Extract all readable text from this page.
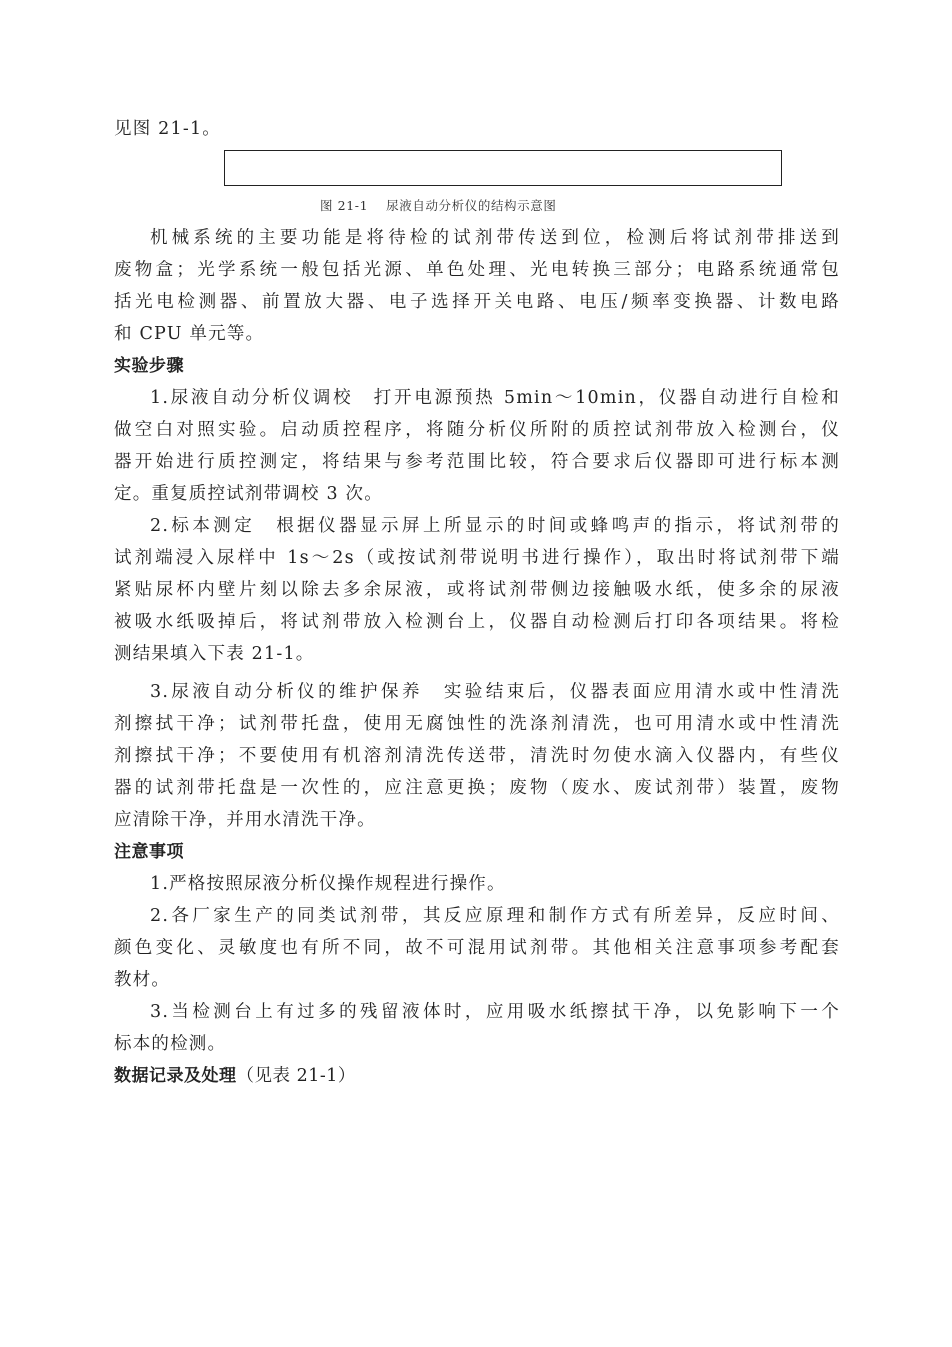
见图 21-1。
图 21-1 尿液自动分析仪的结构示意图
机械系统的主要功能是将待检的试剂带传送到位，检测后将试剂带排送到
废物盒；光学系统一般包括光源、单色处理、光电转换三部分；电路系统通常包
括光电检测器、前置放大器、电子选择开关电路、电压/频率变换器、计数电路
和 CPU 单元等。
实验步骤
1.尿液自动分析仪调校　打开电源预热 5min～10min，仪器自动进行自检和
做空白对照实验。启动质控程序，将随分析仪所附的质控试剂带放入检测台，仪
器开始进行质控测定，将结果与参考范围比较，符合要求后仪器即可进行标本测
定。重复质控试剂带调校 3 次。
2.标本测定　根据仪器显示屏上所显示的时间或蜂鸣声的指示，将试剂带的
试剂端浸入尿样中 1s～2s（或按试剂带说明书进行操作），取出时将试剂带下端
紧贴尿杯内壁片刻以除去多余尿液，或将试剂带侧边接触吸水纸，使多余的尿液
被吸水纸吸掉后，将试剂带放入检测台上，仪器自动检测后打印各项结果。将检
测结果填入下表 21-1。
3.尿液自动分析仪的维护保养　实验结束后，仪器表面应用清水或中性清洗
剂擦拭干净；试剂带托盘，使用无腐蚀性的洗涤剂清洗，也可用清水或中性清洗
剂擦拭干净；不要使用有机溶剂清洗传送带，清洗时勿使水滴入仪器内，有些仪
器的试剂带托盘是一次性的，应注意更换；废物（废水、废试剂带）装置，废物
应清除干净，并用水清洗干净。
注意事项
1.严格按照尿液分析仪操作规程进行操作。
2.各厂家生产的同类试剂带，其反应原理和制作方式有所差异，反应时间、
颜色变化、灵敏度也有所不同，故不可混用试剂带。其他相关注意事项参考配套
教材。
3.当检测台上有过多的残留液体时，应用吸水纸擦拭干净，以免影响下一个
标本的检测。
数据记录及处理（见表 21-1）
